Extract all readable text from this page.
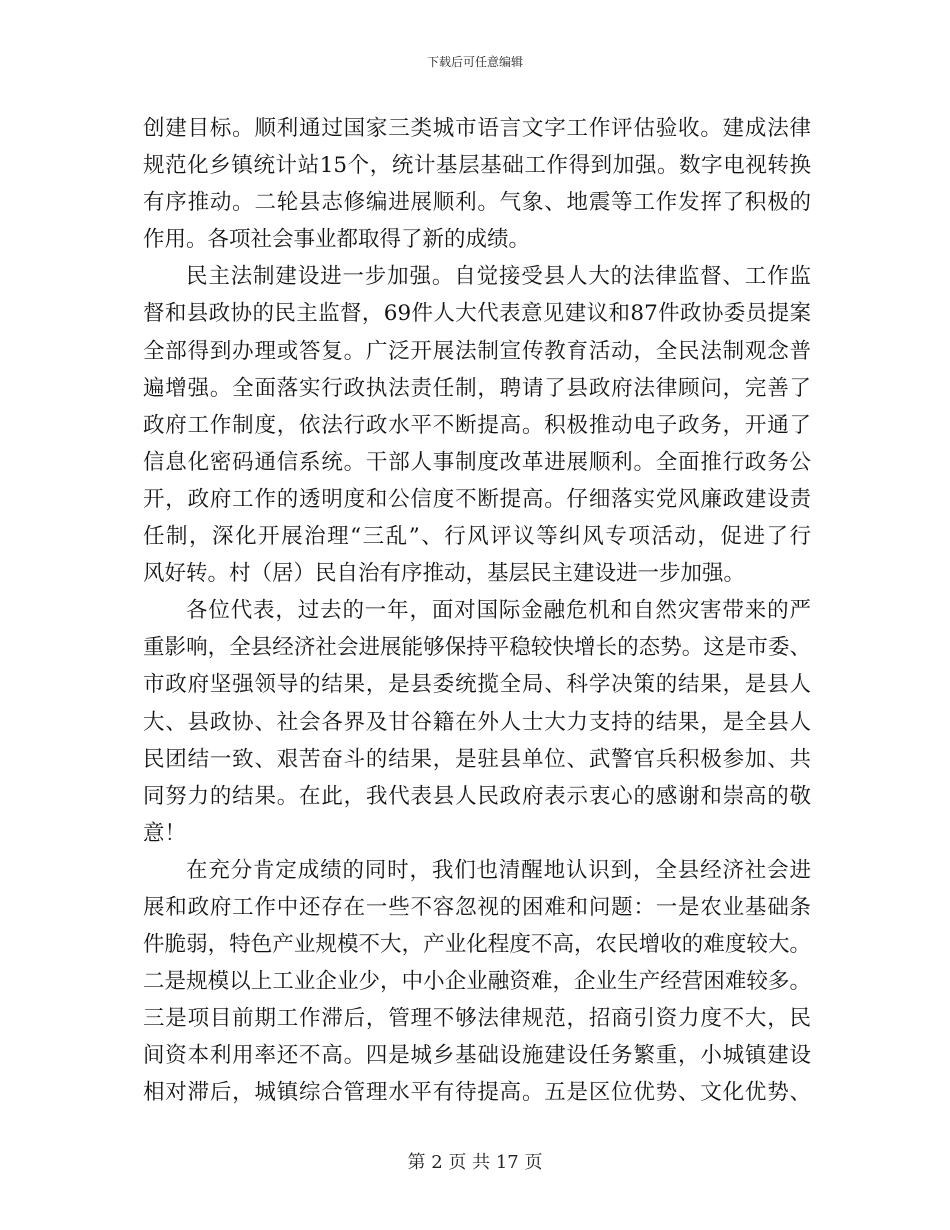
下载后可任意编辑
创建目标。顺利通过国家三类城市语言文字工作评估验收。建成法律
规范化乡镇统计站15个，统计基层基础工作得到加强。数字电视转换
有序推动。二轮县志修编进展顺利。气象、地震等工作发挥了积极的
作用。各项社会事业都取得了新的成绩。
民主法制建设进一步加强。自觉接受县人大的法律监督、工作监
督和县政协的民主监督，69件人大代表意见建议和87件政协委员提案
全部得到办理或答复。广泛开展法制宣传教育活动，全民法制观念普
遍增强。全面落实行政执法责任制，聘请了县政府法律顾问，完善了
政府工作制度，依法行政水平不断提高。积极推动电子政务，开通了
信息化密码通信系统。干部人事制度改革进展顺利。全面推行政务公
开，政府工作的透明度和公信度不断提高。仔细落实党风廉政建设责
任制，深化开展治理“三乱”、行风评议等纠风专项活动，促进了行
风好转。村（居）民自治有序推动，基层民主建设进一步加强。
各位代表，过去的一年，面对国际金融危机和自然灾害带来的严
重影响，全县经济社会进展能够保持平稳较快增长的态势。这是市委、
市政府坚强领导的结果，是县委统揽全局、科学决策的结果，是县人
大、县政协、社会各界及甘谷籍在外人士大力支持的结果，是全县人
民团结一致、艰苦奋斗的结果，是驻县单位、武警官兵积极参加、共
同努力的结果。在此，我代表县人民政府表示衷心的感谢和崇高的敬
意！
在充分肯定成绩的同时，我们也清醒地认识到，全县经济社会进
展和政府工作中还存在一些不容忽视的困难和问题：一是农业基础条
件脆弱，特色产业规模不大，产业化程度不高，农民增收的难度较大。
二是规模以上工业企业少，中小企业融资难，企业生产经营困难较多。
三是项目前期工作滞后，管理不够法律规范，招商引资力度不大，民
间资本利用率还不高。四是城乡基础设施建设任务繁重，小城镇建设
相对滞后，城镇综合管理水平有待提高。五是区位优势、文化优势、
第 2 页 共 17 页
